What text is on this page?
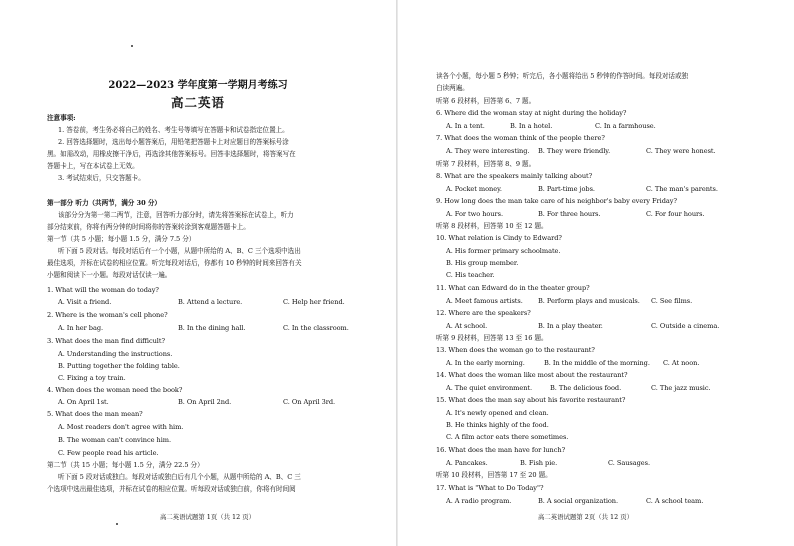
2022—2023 学年度第一学期月考练习
高二英语
注意事项:
1. 答卷前，考生务必将自己的姓名、考生号等填写在答题卡和试卷指定位置上。
2. 回答选择题时，选出每小题答案后，用铅笔把答题卡上对应题目的答案标号涂
黑。如需改动，用橡皮擦干净后，再选涂其他答案标号。回答非选择题时，将答案写在
答题卡上，写在本试卷上无效。
3. 考试结束后，只交答题卡。
第一部分 听力（共两节，满分 30 分）
该部分分为第一第二两节，注意，回答听力部分时，请先将答案标在试卷上，听力
部分结束前，你将有两分钟的时间将你的答案转涂到客观题答题卡上。
第一节（共 5 小题；每小题 1.5 分，满分 7.5 分）
听下面 5 段对话。每段对话后有一个小题，从题中所给的 A、B、C 三个选项中选出
最佳选项，并标在试卷的相应位置。听完每段对话后，你都有 10 秒钟的时间来回答有关
小题和阅读下一小题。每段对话仅读一遍。
1. What will the woman do today?
A. Visit a friend.	B. Attend a lecture.	C. Help her friend.
2. Where is the woman's cell phone?
A. In her bag.	B. In the dining hall.	C. In the classroom.
3. What does the man find difficult?
A. Understanding the instructions.
B. Putting together the folding table.
C. Fixing a toy train.
4. When does the woman need the book?
A. On April 1st.	B. On April 2nd.	C. On April 3rd.
5. What does the man mean?
A. Most readers don't agree with him.
B. The woman can't convince him.
C. Few people read his article.
第二节（共 15 小题；每小题 1.5 分，满分 22.5 分）
听下面 5 段对话或独白。每段对话或独白后有几个小题，从题中所给的 A、B、C 三
个选项中选出最佳选项，并标在试卷的相应位置。听每段对话或独白前，你将有时间阅
高二英语试题第 1页（共 12 页）
读各个小题，每小题 5 秒钟；听完后，各小题将给出 5 秒钟的作答时间。每段对话或独
白读两遍。
听第 6 段材料，回答第 6、7 题。
6. Where did the woman stay at night during the holiday?
A. In a tent.	B. In a hotel.	C. In a farmhouse.
7. What does the woman think of the people there?
A. They were interesting. B. They were friendly.	C. They were honest.
听第 7 段材料，回答第 8、9 题。
8. What are the speakers mainly talking about?
A. Pocket money.	B. Part-time jobs.	C. The man's parents.
9. How long does the man take care of his neighbor's baby every Friday?
A. For two hours.	B. For three hours.	C. For four hours.
听第 8 段材料，回答第 10 至 12 题。
10. What relation is Cindy to Edward?
A. His former primary schoolmate.
B. His group member.
C. His teacher.
11. What can Edward do in the theater group?
A. Meet famous artists. B. Perform plays and musicals. C. See films.
12. Where are the speakers?
A. At school.	B. In a play theater.	C. Outside a cinema.
听第 9 段材料，回答第 13 至 16 题。
13. When does the woman go to the restaurant?
A. In the early morning.	B. In the middle of the morning. C. At noon.
14. What does the woman like most about the restaurant?
A. The quiet environment.	B. The delicious food.	C. The jazz music.
15. What does the man say about his favorite restaurant?
A. It's newly opened and clean.
B. He thinks highly of the food.
C. A film actor eats there sometimes.
16. What does the man have for lunch?
A. Pancakes.	B. Fish pie.	C. Sausages.
听第 10 段材料，回答第 17 至 20 题。
17. What is "What to Do Today"?
A. A radio program.	B. A social organization.	C. A school team.
高二英语试题第 2页（共 12 页）
